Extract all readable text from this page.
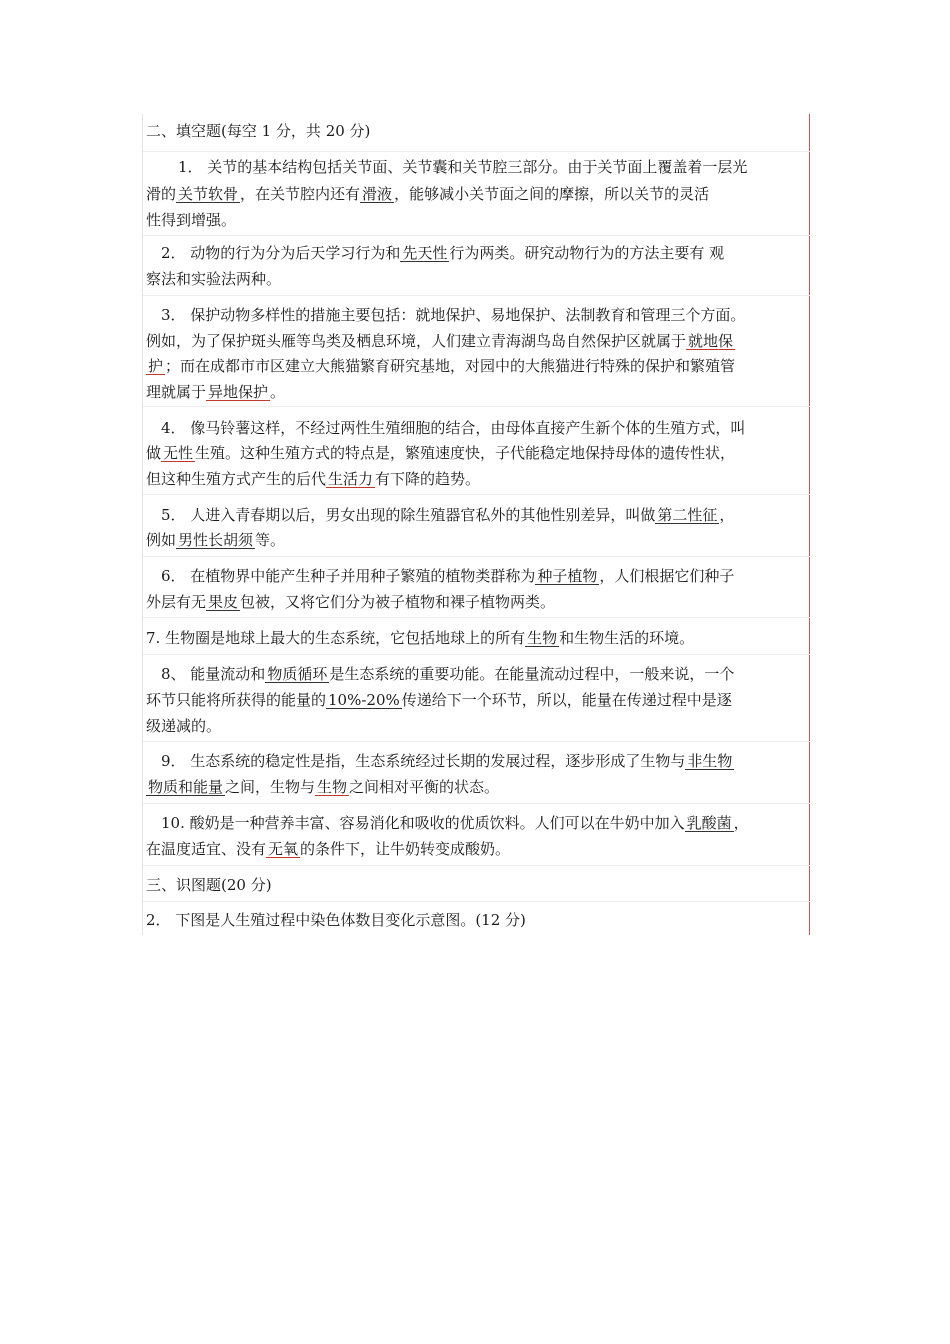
二、填空题(每空 1 分，共 20 分)
1． 关节的基本结构包括关节面、关节囊和关节腔三部分。由于关节面上覆盖着一层光
滑的 关节软骨 ，在关节腔内还有 滑液 ，能够减小关节面之间的摩擦，所以关节的灵活
性得到增强。
2． 动物的行为分为后天学习行为和 先天性 行为两类。研究动物行为的方法主要有 观
察法和实验法两种。
3． 保护动物多样性的措施主要包括：就地保护、易地保护、法制教育和管理三个方面。
例如，为了保护斑头雁等鸟类及栖息环境，人们建立青海湖鸟岛自然保护区就属于 就地保
护 ；而在成都市市区建立大熊猫繁育研究基地，对园中的大熊猫进行特殊的保护和繁殖管
理就属于 异地保护 。
4． 像马铃薯这样，不经过两性生殖细胞的结合，由母体直接产生新个体的生殖方式，叫
做 无性 生殖。这种生殖方式的特点是，繁殖速度快，子代能稳定地保持母体的遗传性状，
但这种生殖方式产生的后代 生活力 有下降的趋势。
5． 人进入青春期以后，男女出现的除生殖器官私外的其他性别差异，叫做 第二性征 ，
例如 男性长胡须 等。
6． 在植物界中能产生种子并用种子繁殖的植物类群称为 种子植物 ，人们根据它们种子
外层有无 果皮 包被，又将它们分为被子植物和裸子植物两类。
7. 生物圈是地球上最大的生态系统，它包括地球上的所有 生物 和生物生活的环境。
8、 能量流动和 物质循环 是生态系统的重要功能。在能量流动过程中，一般来说，一个
环节只能将所获得的能量的 10%-20% 传递给下一个环节，所以，能量在传递过程中是逐
级递减的。
9． 生态系统的稳定性是指，生态系统经过长期的发展过程，逐步形成了生物与 非生物
物质和能量 之间，生物与 生物 之间相对平衡的状态。
10. 酸奶是一种营养丰富、容易消化和吸收的优质饮料。人们可以在牛奶中加入 乳酸菌 ，
在温度适宜、没有 无氧 的条件下，让牛奶转变成酸奶。
三、识图题(20 分)
2． 下图是人生殖过程中染色体数目变化示意图。(12 分)
